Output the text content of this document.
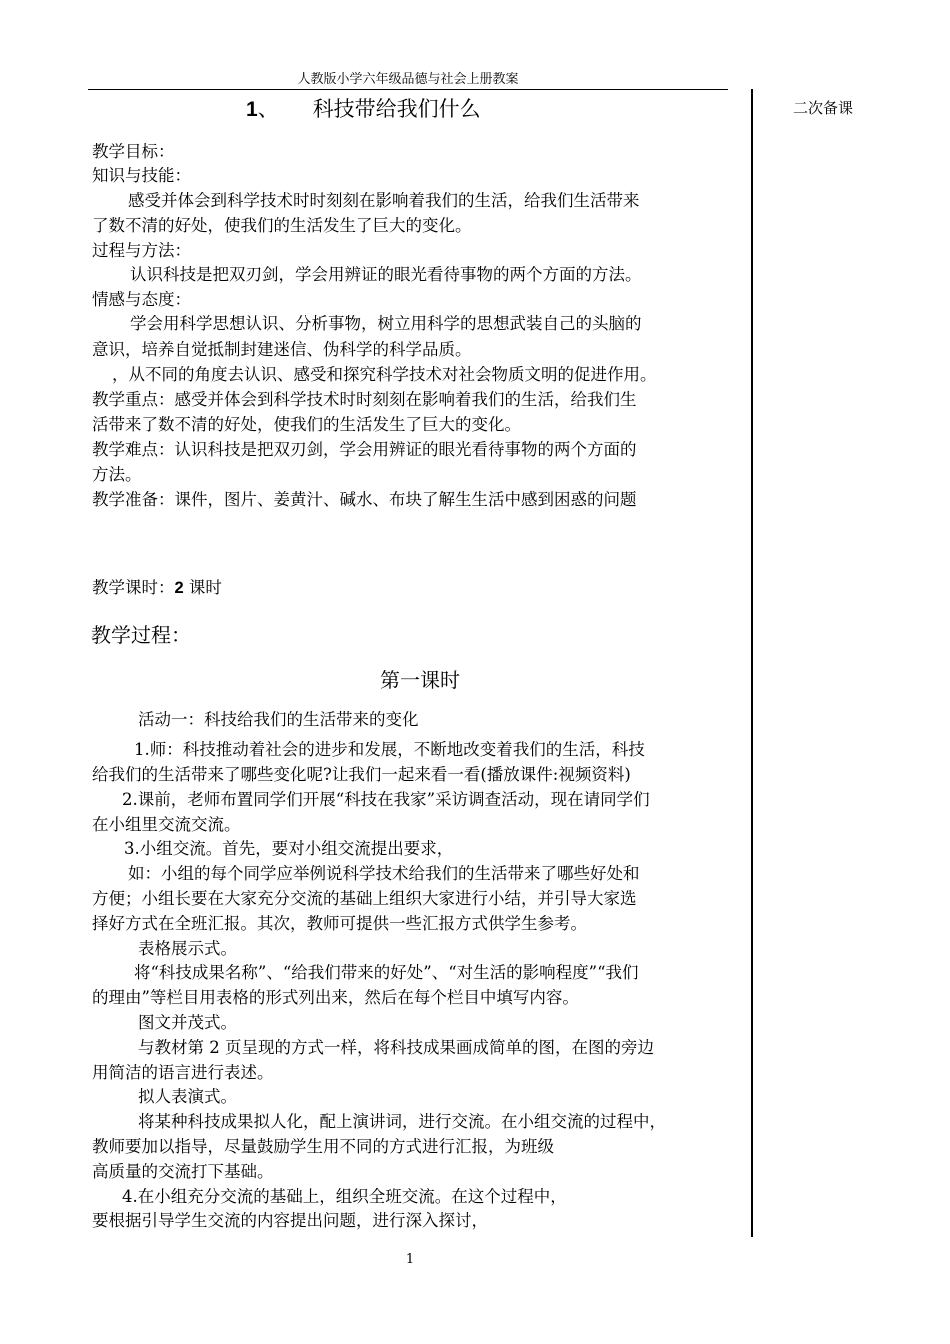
人教版小学六年级品德与社会上册教案
二次备课
1、 科技带给我们什么
教学目标：
知识与技能：
感受并体会到科学技术时时刻刻在影响着我们的生活，给我们生活带来
了数不清的好处，使我们的生活发生了巨大的变化。
过程与方法：
认识科技是把双刃剑，学会用辨证的眼光看待事物的两个方面的方法。
情感与态度：
学会用科学思想认识、分析事物，树立用科学的思想武装自己的头脑的
意识，培养自觉抵制封建迷信、伪科学的科学品质。
，从不同的角度去认识、感受和探究科学技术对社会物质文明的促进作用。
教学重点：感受并体会到科学技术时时刻刻在影响着我们的生活，给我们生
活带来了数不清的好处，使我们的生活发生了巨大的变化。
教学难点：认识科技是把双刃剑，学会用辨证的眼光看待事物的两个方面的
方法。
教学准备：课件，图片、姜黄汁、碱水、布块了解生生活中感到困惑的问题
教学课时：2 课时
教学过程：
第一课时
活动一：科技给我们的生活带来的变化
1.师：科技推动着社会的进步和发展，不断地改变着我们的生活，科技
给我们的生活带来了哪些变化呢?让我们一起来看一看(播放课件:视频资料)
2.课前，老师布置同学们开展“科技在我家”采访调查活动，现在请同学们
在小组里交流交流。
3.小组交流。首先，要对小组交流提出要求，
如：小组的每个同学应举例说科学技术给我们的生活带来了哪些好处和
方便；小组长要在大家充分交流的基础上组织大家进行小结，并引导大家选
择好方式在全班汇报。其次，教师可提供一些汇报方式供学生参考。
表格展示式。
将“科技成果名称”、“给我们带来的好处”、“对生活的影响程度”“我们
的理由”等栏目用表格的形式列出来，然后在每个栏目中填写内容。
图文并茂式。
与教材第 2 页呈现的方式一样，将科技成果画成简单的图，在图的旁边
用简洁的语言进行表述。
拟人表演式。
将某种科技成果拟人化，配上演讲词，进行交流。在小组交流的过程中，
教师要加以指导，尽量鼓励学生用不同的方式进行汇报，为班级
高质量的交流打下基础。
4.在小组充分交流的基础上，组织全班交流。在这个过程中，
要根据引导学生交流的内容提出问题，进行深入探讨，
1
